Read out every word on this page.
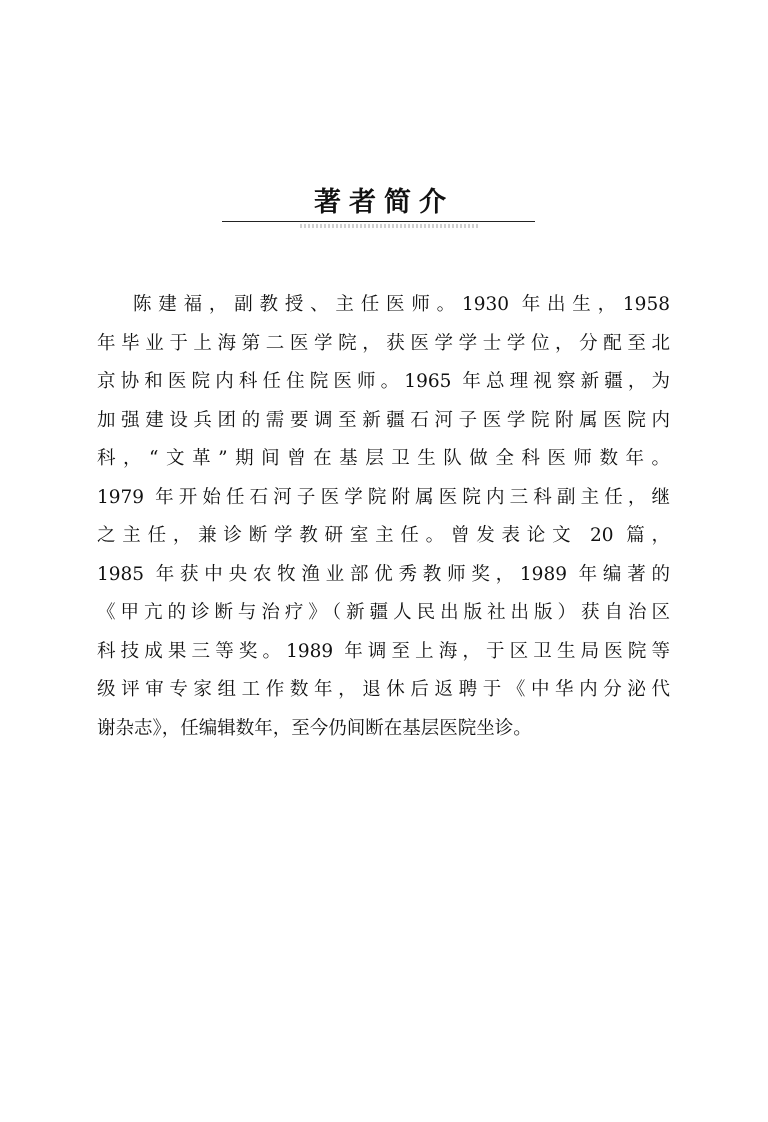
著者简介
陈建福，副教授、主任医师。1930 年出生，1958
年毕业于上海第二医学院，获医学学士学位，分配至北
京协和医院内科任住院医师。1965 年总理视察新疆，为
加强建设兵团的需要调至新疆石河子医学院附属医院内
科，“文革”期间曾在基层卫生队做全科医师数年。
1979 年开始任石河子医学院附属医院内三科副主任，继
之主任，兼诊断学教研室主任。曾发表论文 20 篇，
1985 年获中央农牧渔业部优秀教师奖，1989 年编著的
《甲亢的诊断与治疗》（新疆人民出版社出版）获自治区
科技成果三等奖。1989 年调至上海，于区卫生局医院等
级评审专家组工作数年，退休后返聘于《中华内分泌代
谢杂志》，任编辑数年，至今仍间断在基层医院坐诊。
